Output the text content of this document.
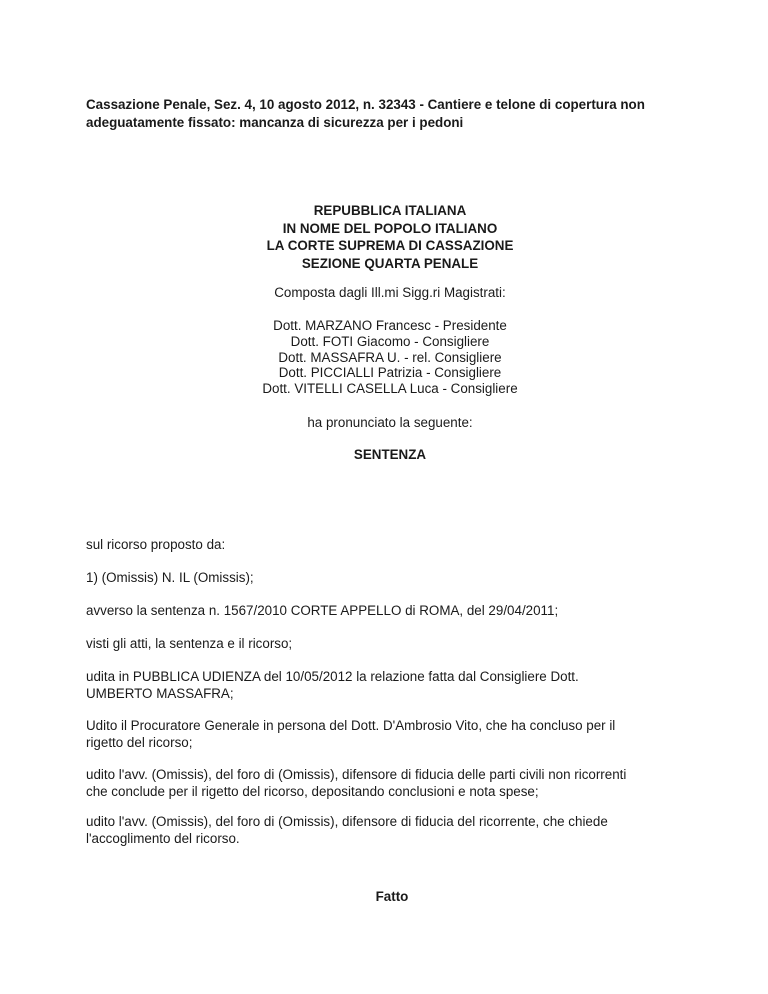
Cassazione Penale, Sez. 4, 10 agosto 2012, n. 32343 - Cantiere e telone di copertura non
adeguatamente fissato: mancanza di sicurezza per i pedoni
REPUBBLICA ITALIANA
IN NOME DEL POPOLO ITALIANO
LA CORTE SUPREMA DI CASSAZIONE
SEZIONE QUARTA PENALE
Composta dagli Ill.mi Sigg.ri Magistrati:
Dott. MARZANO Francesc - Presidente
Dott. FOTI Giacomo - Consigliere
Dott. MASSAFRA U. - rel. Consigliere
Dott. PICCIALLI Patrizia - Consigliere
Dott. VITELLI CASELLA Luca - Consigliere
ha pronunciato la seguente:
SENTENZA
sul ricorso proposto da:
1) (Omissis) N. IL (Omissis);
avverso la sentenza n. 1567/2010 CORTE APPELLO di ROMA, del 29/04/2011;
visti gli atti, la sentenza e il ricorso;
udita in PUBBLICA UDIENZA del 10/05/2012 la relazione fatta dal Consigliere Dott.
UMBERTO MASSAFRA;
Udito il Procuratore Generale in persona del Dott. D'Ambrosio Vito, che ha concluso per il
rigetto del ricorso;
udito l'avv. (Omissis), del foro di (Omissis), difensore di fiducia delle parti civili non ricorrenti
che conclude per il rigetto del ricorso, depositando conclusioni e nota spese;
udito l'avv. (Omissis), del foro di (Omissis), difensore di fiducia del ricorrente, che chiede
l'accoglimento del ricorso.
Fatto
